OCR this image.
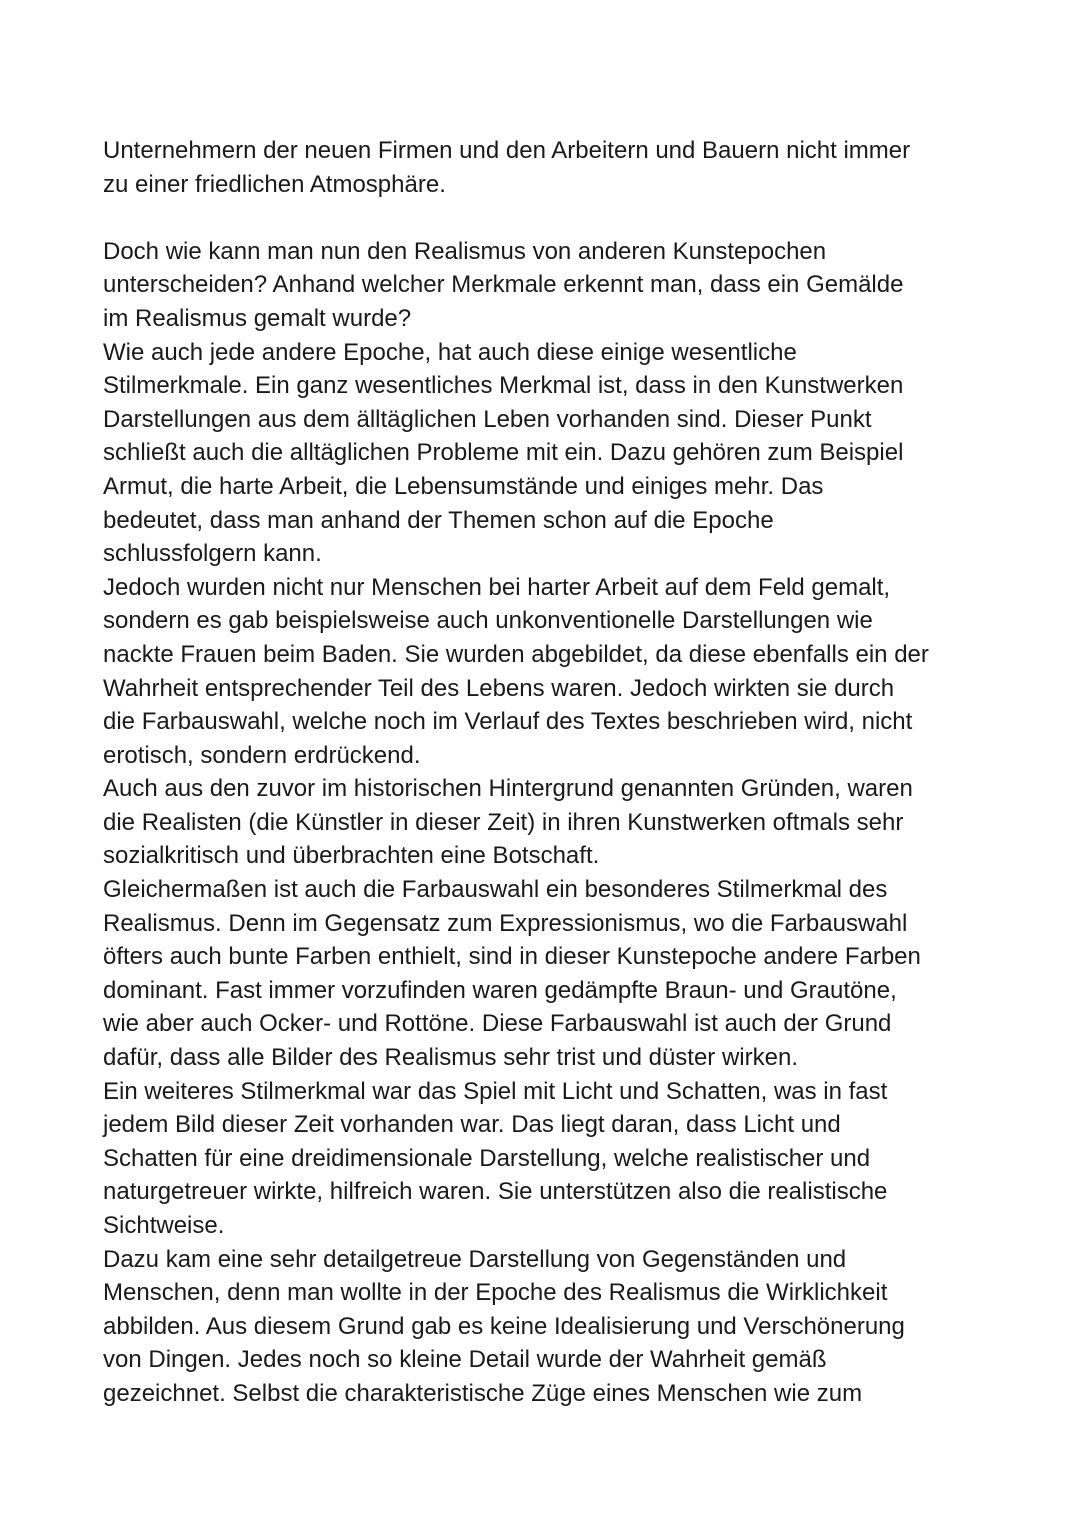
Unternehmern der neuen Firmen und den Arbeitern und Bauern nicht immer
zu einer friedlichen Atmosphäre.
Doch wie kann man nun den Realismus von anderen Kunstepochen
unterscheiden? Anhand welcher Merkmale erkennt man, dass ein Gemälde
im Realismus gemalt wurde?
Wie auch jede andere Epoche, hat auch diese einige wesentliche
Stilmerkmale. Ein ganz wesentliches Merkmal ist, dass in den Kunstwerken
Darstellungen aus dem älltäglichen Leben vorhanden sind. Dieser Punkt
schließt auch die alltäglichen Probleme mit ein. Dazu gehören zum Beispiel
Armut, die harte Arbeit, die Lebensumstände und einiges mehr. Das
bedeutet, dass man anhand der Themen schon auf die Epoche
schlussfolgern kann.
Jedoch wurden nicht nur Menschen bei harter Arbeit auf dem Feld gemalt,
sondern es gab beispielsweise auch unkonventionelle Darstellungen wie
nackte Frauen beim Baden. Sie wurden abgebildet, da diese ebenfalls ein der
Wahrheit entsprechender Teil des Lebens waren. Jedoch wirkten sie durch
die Farbauswahl, welche noch im Verlauf des Textes beschrieben wird, nicht
erotisch, sondern erdrückend.
Auch aus den zuvor im historischen Hintergrund genannten Gründen, waren
die Realisten (die Künstler in dieser Zeit) in ihren Kunstwerken oftmals sehr
sozialkritisch und überbrachten eine Botschaft.
Gleichermaßen ist auch die Farbauswahl ein besonderes Stilmerkmal des
Realismus. Denn im Gegensatz zum Expressionismus, wo die Farbauswahl
öfters auch bunte Farben enthielt, sind in dieser Kunstepoche andere Farben
dominant. Fast immer vorzufinden waren gedämpfte Braun- und Grautöne,
wie aber auch Ocker- und Rottöne. Diese Farbauswahl ist auch der Grund
dafür, dass alle Bilder des Realismus sehr trist und düster wirken.
Ein weiteres Stilmerkmal war das Spiel mit Licht und Schatten, was in fast
jedem Bild dieser Zeit vorhanden war. Das liegt daran, dass Licht und
Schatten für eine dreidimensionale Darstellung, welche realistischer und
naturgetreuer wirkte, hilfreich waren. Sie unterstützen also die realistische
Sichtweise.
Dazu kam eine sehr detailgetreue Darstellung von Gegenständen und
Menschen, denn man wollte in der Epoche des Realismus die Wirklichkeit
abbilden. Aus diesem Grund gab es keine Idealisierung und Verschönerung
von Dingen. Jedes noch so kleine Detail wurde der Wahrheit gemäß
gezeichnet. Selbst die charakteristische Züge eines Menschen wie zum
